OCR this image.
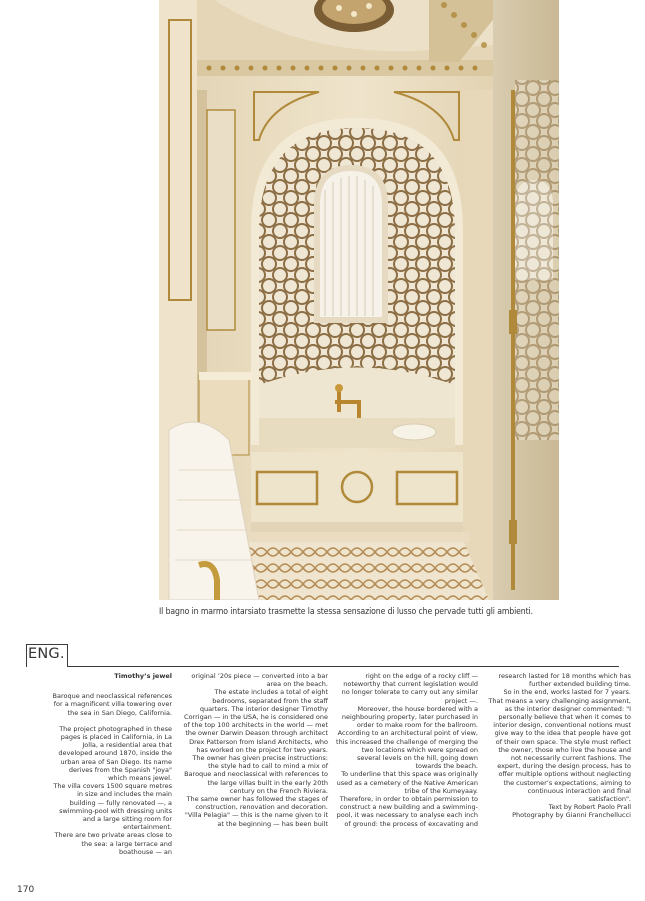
Il bagno in marmo intarsiato trasmette la stessa sensazione di lusso che pervade tutti gli ambienti.
ENG.

Timothy’s jewel

Baroque and neoclassical references for a magnificent villa towering over the sea in San Diego, California.

The project photographed in these pages is placed in California, in La Jolla, a residential area that developed around 1870, inside the urban area of San Diego. Its name derives from the Spanish "joya" which means jewel.

The villa covers 1500 square metres in size and includes the main building — fully renovated —, a swimming-pool with dressing units and a large sitting room for entertainment.

There are two private areas close to the sea: a large terrace and boathouse — an

original ’20s piece — converted into a bar area on the beach.

The estate includes a total of eight bedrooms, separated from the staff quarters. The interior designer Timothy Corrigan — in the USA, he is considered one of the top 100 architects in the world — met the owner Darwin Deason through architect Drex Patterson from Island Architects, who has worked on the project for two years.

The owner has given precise instructions: the style had to call to mind a mix of Baroque and neoclassical with references to the large villas built in the early 20th century on the French Riviera.

The same owner has followed the stages of construction, renovation and decoration. "Villa Pelagia" — this is the name given to it at the beginning — has been built

right on the edge of a rocky cliff — noteworthy that current legislation would no longer tolerate to carry out any similar project —.

Moreover, the house bordered with a neighbouring property, later purchased in order to make room for the ballroom. According to an architectural point of view, this increased the challenge of merging the two locations which were spread on several levels on the hill, going down towards the beach.

To underline that this space was originally used as a cemetery of the Native American tribe of the Kumeyaay.

Therefore, in order to obtain permission to construct a new building and a swimming-pool, it was necessary to analyse each inch of ground: the process of excavating and

research lasted for 18 months which has further extended building time.

So in the end, works lasted for 7 years. That means a very challenging assignment, as the interior designer commented: "I personally believe that when it comes to interior design, conventional notions must give way to the idea that people have got of their own space. The style must reflect the owner, those who live the house and not necessarily current fashions. The expert, during the design process, has to offer multiple options without neglecting the customer’s expectations, aiming to continuous interaction and final satisfaction".

Text by Robert Paolo Prall

Photography by Gianni Franchellucci

170
